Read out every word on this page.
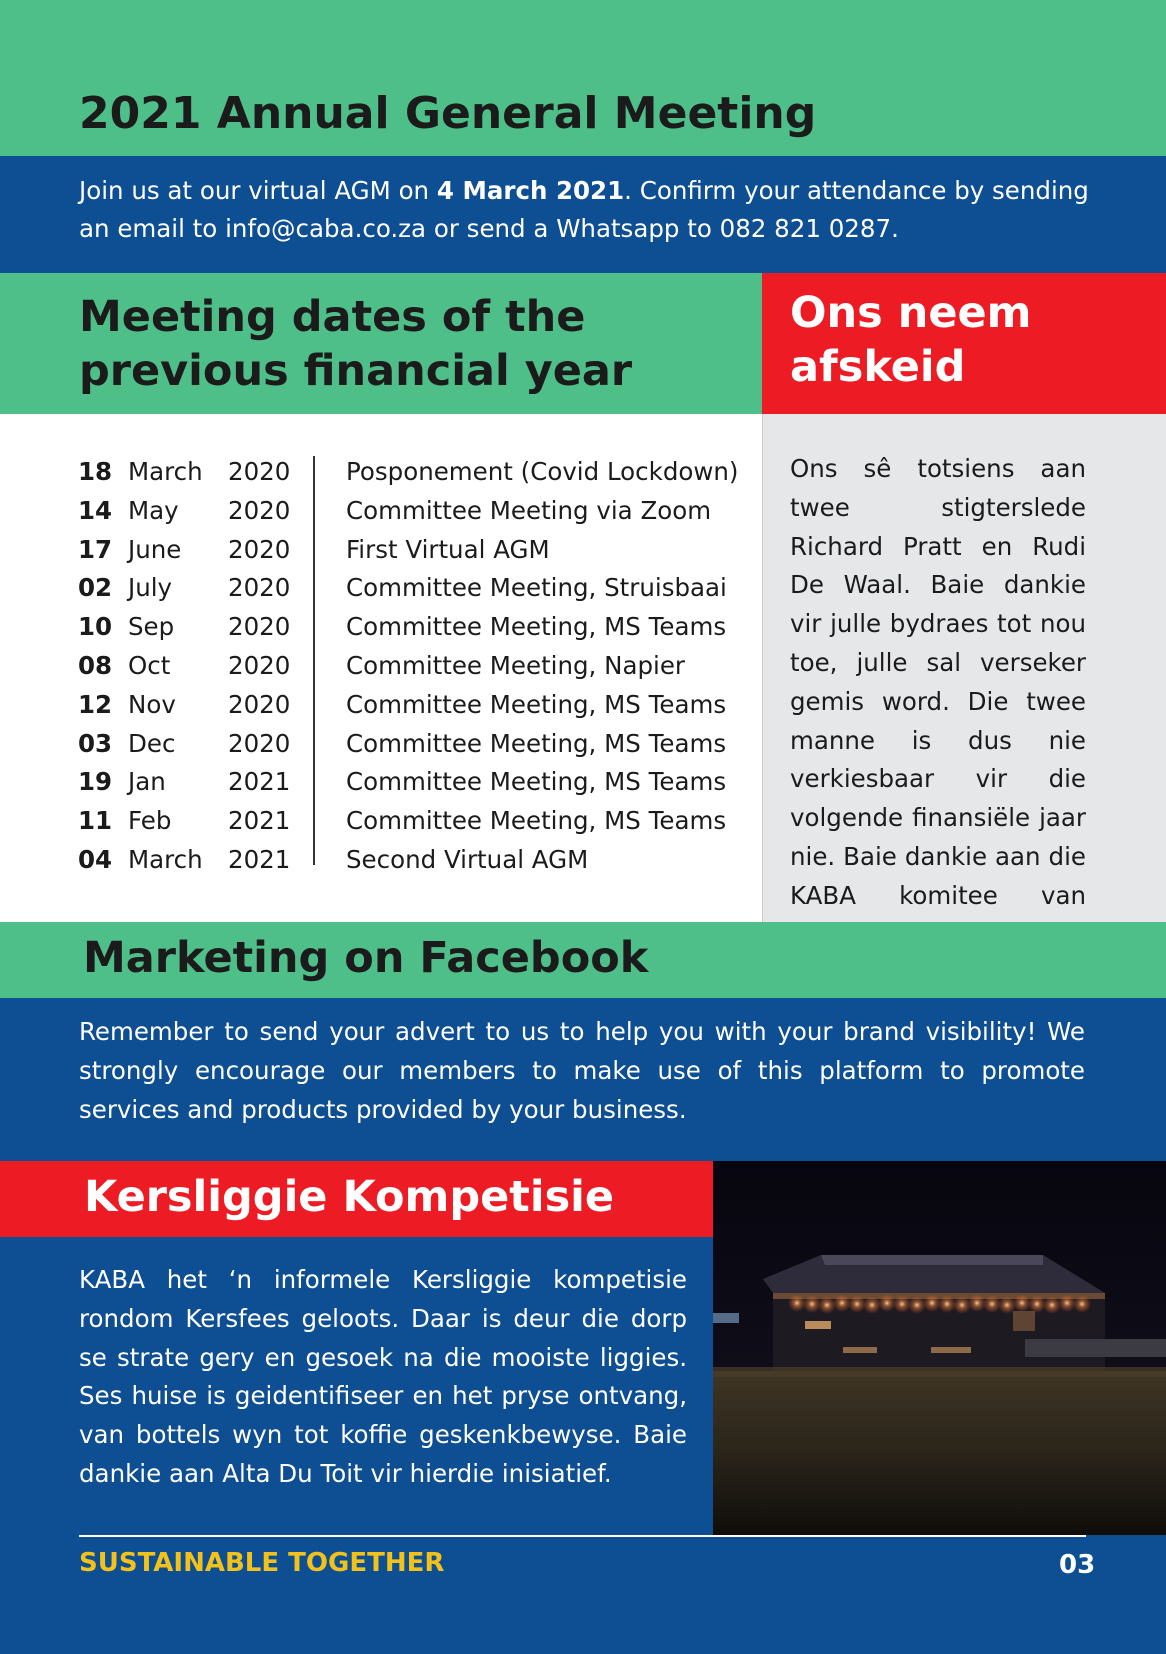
2021 Annual General Meeting

Join us at our virtual AGM on 4 March 2021. Confirm your attendance by sending an email to info@caba.co.za or send a Whatsapp to 082 821 0287.

Meeting dates of the
previous financial year
Ons neem
afskeid
18 March 2020 Posponement (Covid Lockdown)
14 May 2020 Committee Meeting via Zoom
17 June 2020 First Virtual AGM
02 July 2020 Committee Meeting, Struisbaai
10 Sep 2020 Committee Meeting, MS Teams
08 Oct 2020 Committee Meeting, Napier
12 Nov 2020 Committee Meeting, MS Teams
03 Dec 2020 Committee Meeting, MS Teams
19 Jan	2021 Committee Meeting, MS Teams
11 Feb 2021 Committee Meeting, MS Teams
04 March 2021 Second Virtual AGM

Ons sê totsiens aan twee stigterslede Richard Pratt en Rudi De Waal. Baie dankie vir julle bydraes tot nou toe, julle sal verseker gemis word. Die twee manne is dus nie verkiesbaar vir die volgende finansiële jaar nie. Baie dankie aan die KABA komitee van

Marketing on Facebook

Remember to send your advert to us to help you with your brand visibility! We strongly encourage our members to make use of this platform to promote services and products provided by your business.

Kersliggie Kompetisie

KABA het ‘n informele Kersliggie kompetisie rondom Kersfees geloots. Daar is deur die dorp se strate gery en gesoek na die mooiste liggies. Ses huise is geidentifiseer en het pryse ontvang, van bottels wyn tot koffie geskenkbewyse. Baie dankie aan Alta Du Toit vir hierdie inisiatief.

SUSTAINABLE TOGETHER	03
